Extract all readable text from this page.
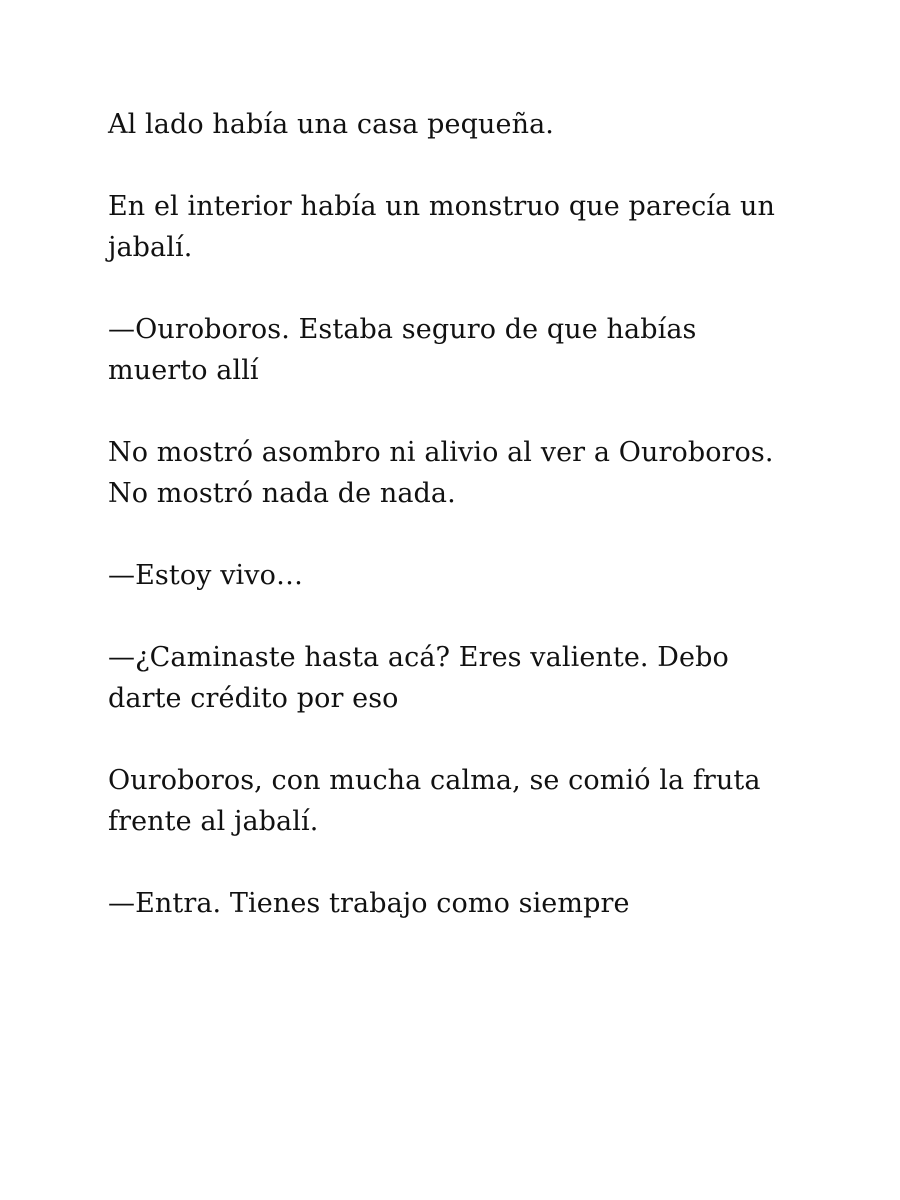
Al lado había una casa pequeña.

En el interior había un monstruo que parecía un
jabalí.

—Ouroboros. Estaba seguro de que habías
muerto allí

No mostró asombro ni alivio al ver a Ouroboros.
No mostró nada de nada.

—Estoy vivo…

—¿Caminaste hasta acá? Eres valiente. Debo
darte crédito por eso

Ouroboros, con mucha calma, se comió la fruta
frente al jabalí.

—Entra. Tienes trabajo como siempre
